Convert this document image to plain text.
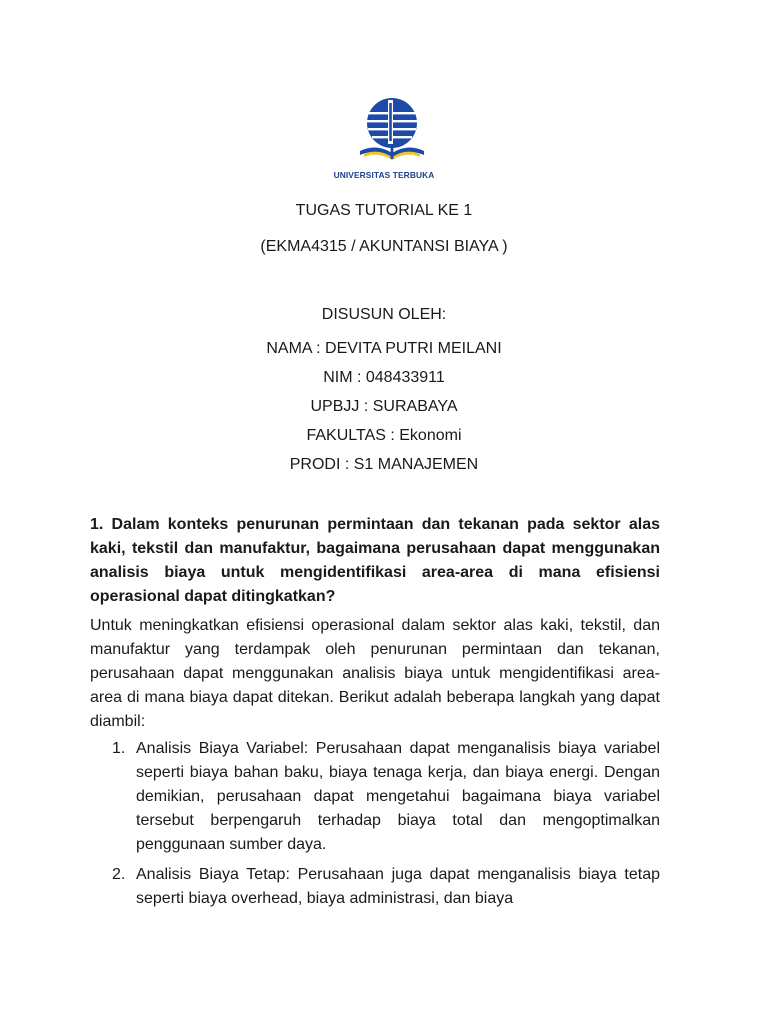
UNIVERSITAS TERBUKA
TUGAS TUTORIAL KE 1
(EKMA4315 / AKUNTANSI BIAYA )
DISUSUN OLEH:
NAMA : DEVITA PUTRI MEILANI
NIM : 048433911
UPBJJ : SURABAYA
FAKULTAS : Ekonomi
PRODI : S1 MANAJEMEN
1. Dalam konteks penurunan permintaan dan tekanan pada sektor alas kaki, tekstil dan manufaktur, bagaimana perusahaan dapat menggunakan analisis biaya untuk mengidentifikasi area-area di mana efisiensi operasional dapat ditingkatkan?
Untuk meningkatkan efisiensi operasional dalam sektor alas kaki, tekstil, dan manufaktur yang terdampak oleh penurunan permintaan dan tekanan, perusahaan dapat menggunakan analisis biaya untuk mengidentifikasi area-area di mana biaya dapat ditekan. Berikut adalah beberapa langkah yang dapat diambil:
1. Analisis Biaya Variabel: Perusahaan dapat menganalisis biaya variabel seperti biaya bahan baku, biaya tenaga kerja, dan biaya energi. Dengan demikian, perusahaan dapat mengetahui bagaimana biaya variabel tersebut berpengaruh terhadap biaya total dan mengoptimalkan penggunaan sumber daya.
2. Analisis Biaya Tetap: Perusahaan juga dapat menganalisis biaya tetap seperti biaya overhead, biaya administrasi, dan biaya
